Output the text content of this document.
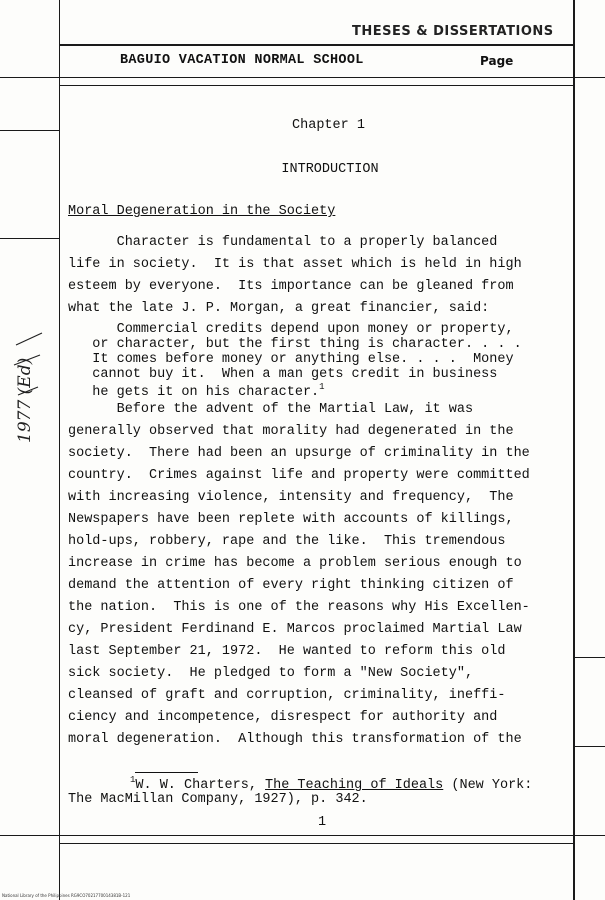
THESES & DISSERTATIONS
BAGUIO VACATION NORMAL SCHOOL	Page
Chapter 1
INTRODUCTION
Moral Degeneration in the Society
Character is fundamental to a properly balanced
life in society.  It is that asset which is held in high
esteem by everyone.  Its importance can be gleaned from
what the late J. P. Morgan, a great financier, said:
Commercial credits depend upon money or property,
or character, but the first thing is character. . . .
It comes before money or anything else. . . .  Money
cannot buy it.  When a man gets credit in business
he gets it on his character.$^1$
Before the advent of the Martial Law, it was
generally observed that morality had degenerated in the
society.  There had been an upsurge of criminality in the
country.  Crimes against life and property were committed
with increasing violence, intensity and frequency,  The
Newspapers have been replete with accounts of killings,
hold-ups, robbery, rape and the like.  This tremendous
increase in crime has become a problem serious enough to
demand the attention of every right thinking citizen of
the nation.  This is one of the reasons why His Excellen-
cy, President Ferdinand E. Marcos proclaimed Martial Law
last September 21, 1972.  He wanted to reform this old
sick society.  He pledged to form a "New Society",
cleansed of graft and corruption, criminality, ineffi-
ciency and incompetence, disrespect for authority and
moral degeneration.  Although this transformation of the
$^1$W. W. Charters, The Teaching of Ideals (New York:
The MacMillan Company, 1927), p. 342.
1
1977 (Ed)
National Library of the Philippines RG9CO7021770014381B-121
